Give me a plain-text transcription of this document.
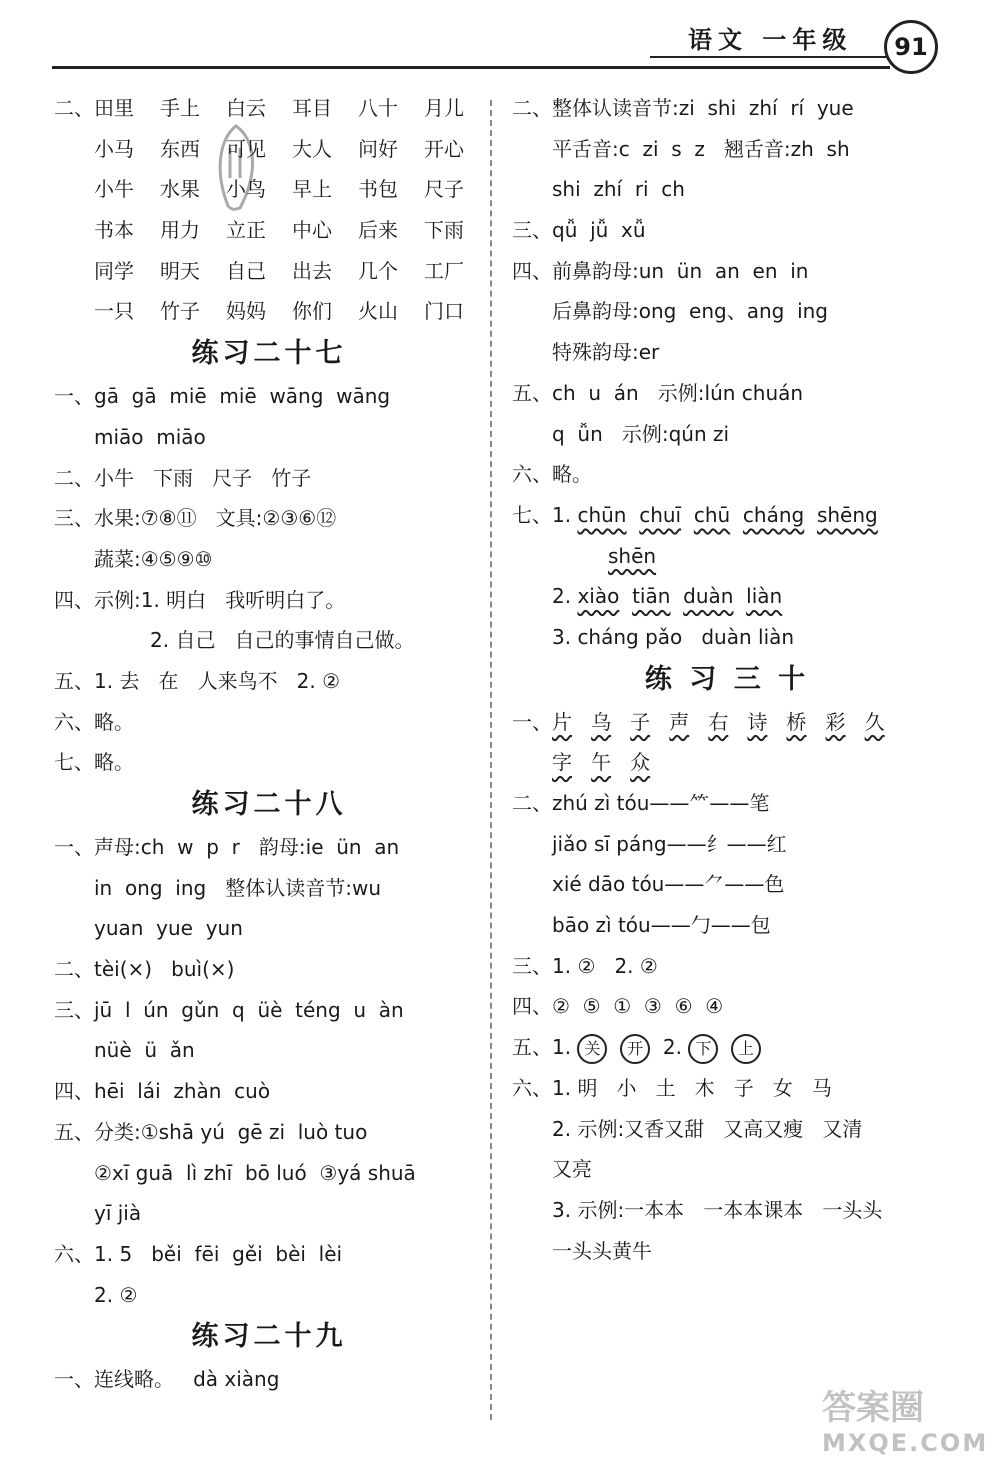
语文 一年级	91
二、田里 手上 白云 耳目 八十 月儿
小马 东西 可见 大人 问好 开心
小牛 水果 小鸟 早上 书包 尺子
书本 用力 立正 中心 后来 下雨
同学 明天 自己 出去 几个 工厂
一只 竹子 妈妈 你们 火山 门口
练习二十七
一、gā  gā  miē  miē  wāng  wāng
miāo  miāo
二、小牛   下雨   尺子   竹子
三、水果:⑦⑧⑪   文具:②③⑥⑫
蔬菜:④⑤⑨⑩
四、示例:1. 明白   我听明白了。
2. 自己   自己的事情自己做。
五、1. 去   在   人来鸟不   2. ②
六、略。
七、略。
练习二十八
一、声母:ch  w  p  r   韵母:ie  ün  an
in  ong  ing   整体认读音节:wu
yuan  yue  yun
二、tèi(×)   buì(×)
三、jū  l  ún  gǔn  q  üè  téng  u  àn
nüè  ü  ǎn
四、hēi  lái  zhàn  cuò
五、分类:①shā yú  gē zi  luò tuo
②xī guā  lì zhī  bō luó  ③yá shuā
yī jià
六、1. 5   běi  fēi  gěi  bèi  lèi
2. ②
练习二十九
一、连线略。   dà xiàng
二、整体认读音节:zi  shi  zhí  rí  yue
平舌音:c  zi  s  z   翘舌音:zh  sh
shi  zhí  ri  ch
三、qǚ  jǚ  xǚ
四、前鼻韵母:un  ün  an  en  in
后鼻韵母:ong  eng、ang  ing
特殊韵母:er
五、ch  u  án   示例:lún chuán
q  ǚn   示例:qún zi
六、略。
七、1. chūn chuī chū cháng shēng
shēn
2. xiào tiān duàn liàn
3. cháng pǎo   duàn liàn
练 习 三 十
一、片 乌 子 声 右 诗 桥 彩 久
字 午 众
二、zhú zì tóu——⺮——笔
jiǎo sī páng——纟——红
xié dāo tóu——⺈——色
bāo zì tóu——勹——包
三、1. ②   2. ②
四、②  ⑤  ①  ③  ⑥  ④
五、1. 关 开  2. 下 上
六、1. 明   小   土   木   子   女   马
2. 示例:又香又甜   又高又瘦   又清
又亮
3. 示例:一本本   一本本课本   一头头
一头头黄牛
答案圈
MXQE.COM
